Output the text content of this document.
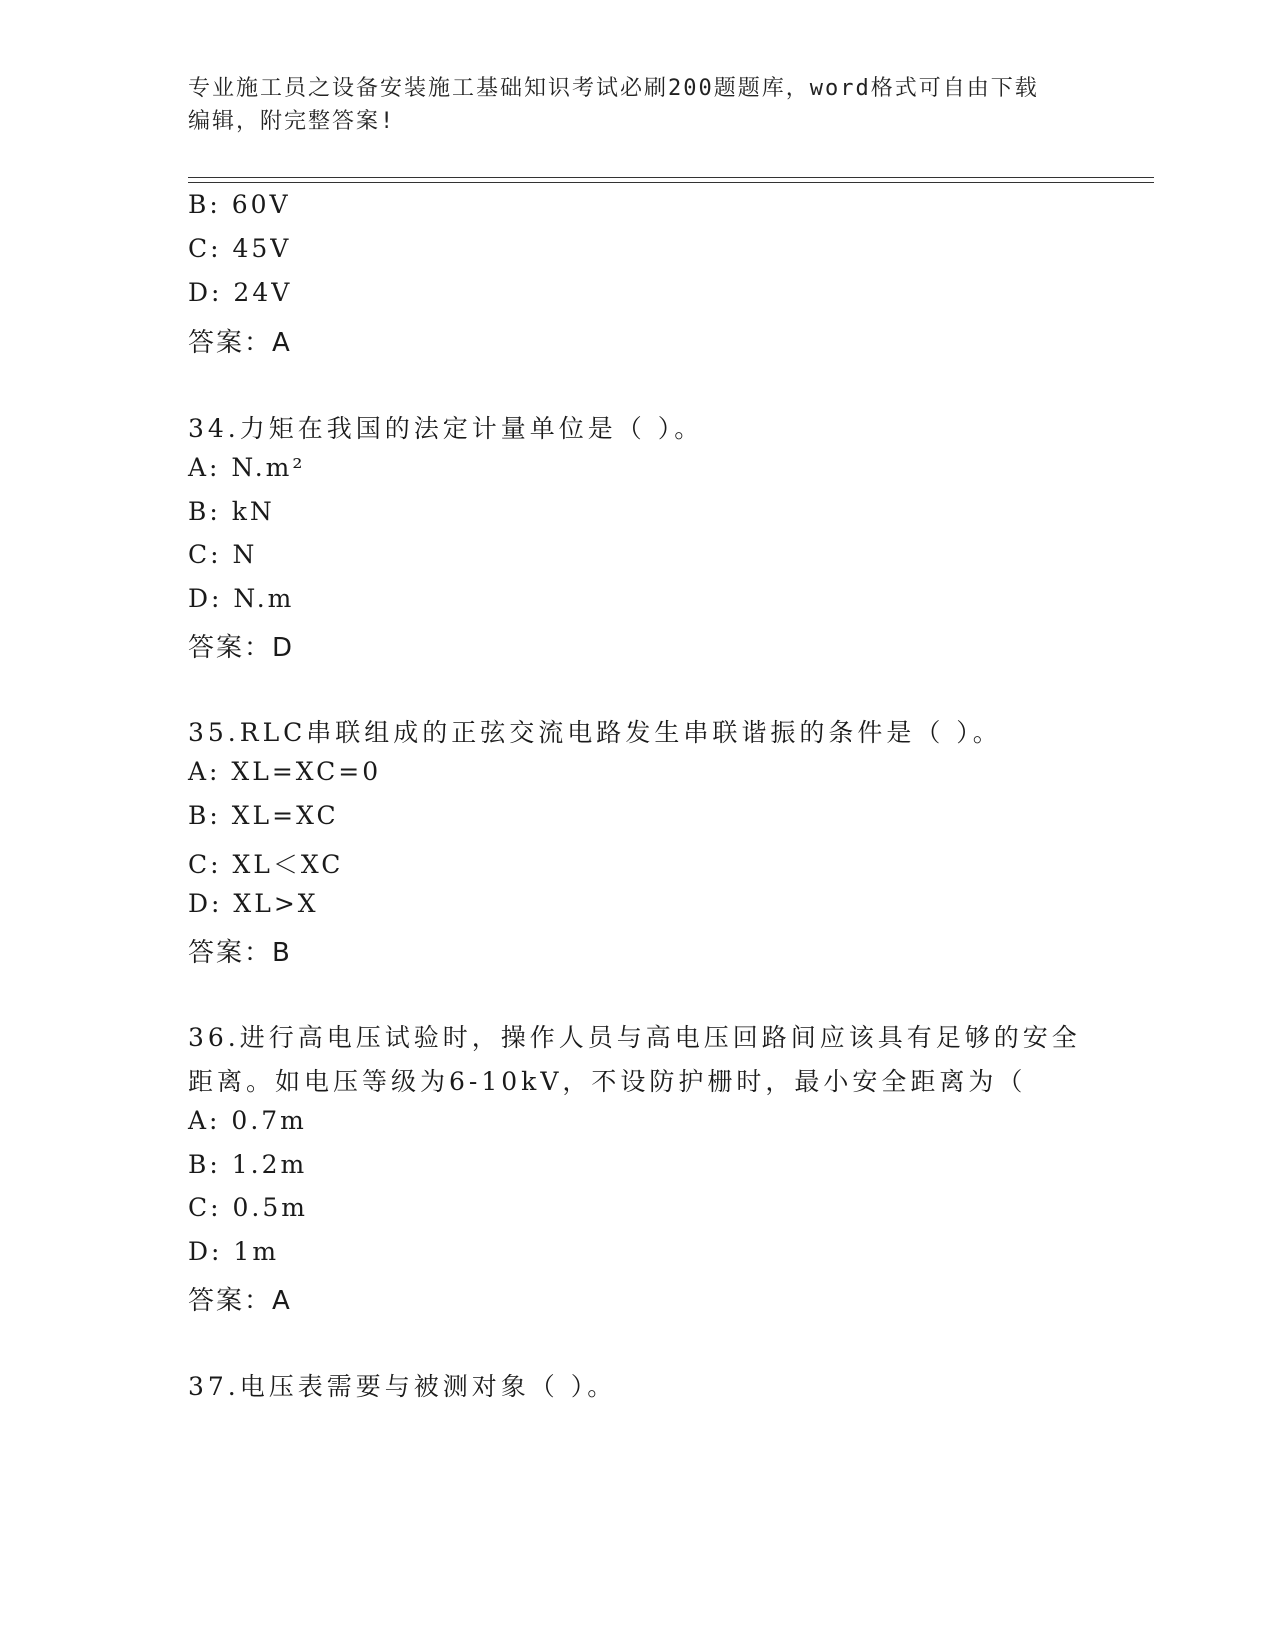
专业施工员之设备安装施工基础知识考试必刷200题题库，word格式可自由下载
编辑，附完整答案!
B: 60V
C: 45V
D: 24V
答案：A
34.力矩在我国的法定计量单位是（ ）。
A: N.m²
B: kN
C: N
D: N.m
答案：D
35.RLC串联组成的正弦交流电路发生串联谐振的条件是（ ）。
A: XL=XC=0
B: XL=XC
C: XL＜XC
D: XL>X
答案：B
36.进行高电压试验时，操作人员与高电压回路间应该具有足够的安全
距离。如电压等级为6-10kV，不设防护栅时，最小安全距离为（
A: 0.7m
B: 1.2m
C: 0.5m
D: 1m
答案：A
37.电压表需要与被测对象（ ）。
